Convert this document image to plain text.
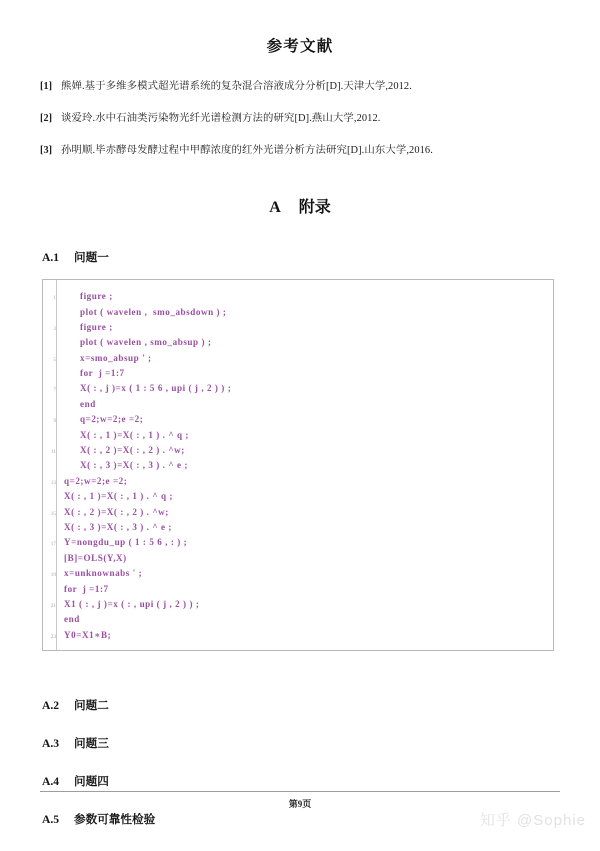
参考文献
[1] 熊婵.基于多维多模式超光谱系统的复杂混合溶液成分分析[D].天津大学,2012.
[2] 谈爱玲.水中石油类污染物光纤光谱检测方法的研究[D].燕山大学,2012.
[3] 孙明顺.毕赤酵母发酵过程中甲醇浓度的红外光谱分析方法研究[D].山东大学,2016.
A 附录
A.1	问题一
1	figure ;
plot ( wavelen ,  smo_absdown ) ;
3	figure ;
plot ( wavelen , smo_absup ) ;
5	x=smo_absup ' ;
for  j =1:7
7	X( : , j )=x ( 1 : 5 6 , upi ( j , 2 ) ) ;
end
9	q=2;w=2;e =2;
X( : , 1 )=X( : , 1 ) . ^ q ;
11	X( : , 2 )=X( : , 2 ) . ^w;
X( : , 3 )=X( : , 3 ) . ^ e ;
13 q=2;w=2;e =2;
X( : , 1 )=X( : , 1 ) . ^ q ;
15 X( : , 2 )=X( : , 2 ) . ^w;
X( : , 3 )=X( : , 3 ) . ^ e ;
17 Y=nongdu_up ( 1 : 5 6 , : ) ;
[B]=OLS(Y,X)
19 x=unknownabs ' ;
for  j =1:7
21 X1 ( : , j )=x ( : , upi ( j , 2 ) ) ;
end
23 Y0=X1∗B;
A.2	问题二
A.3	问题三
A.4	问题四
A.5	参数可靠性检验
第9页
知乎 @Sophie
